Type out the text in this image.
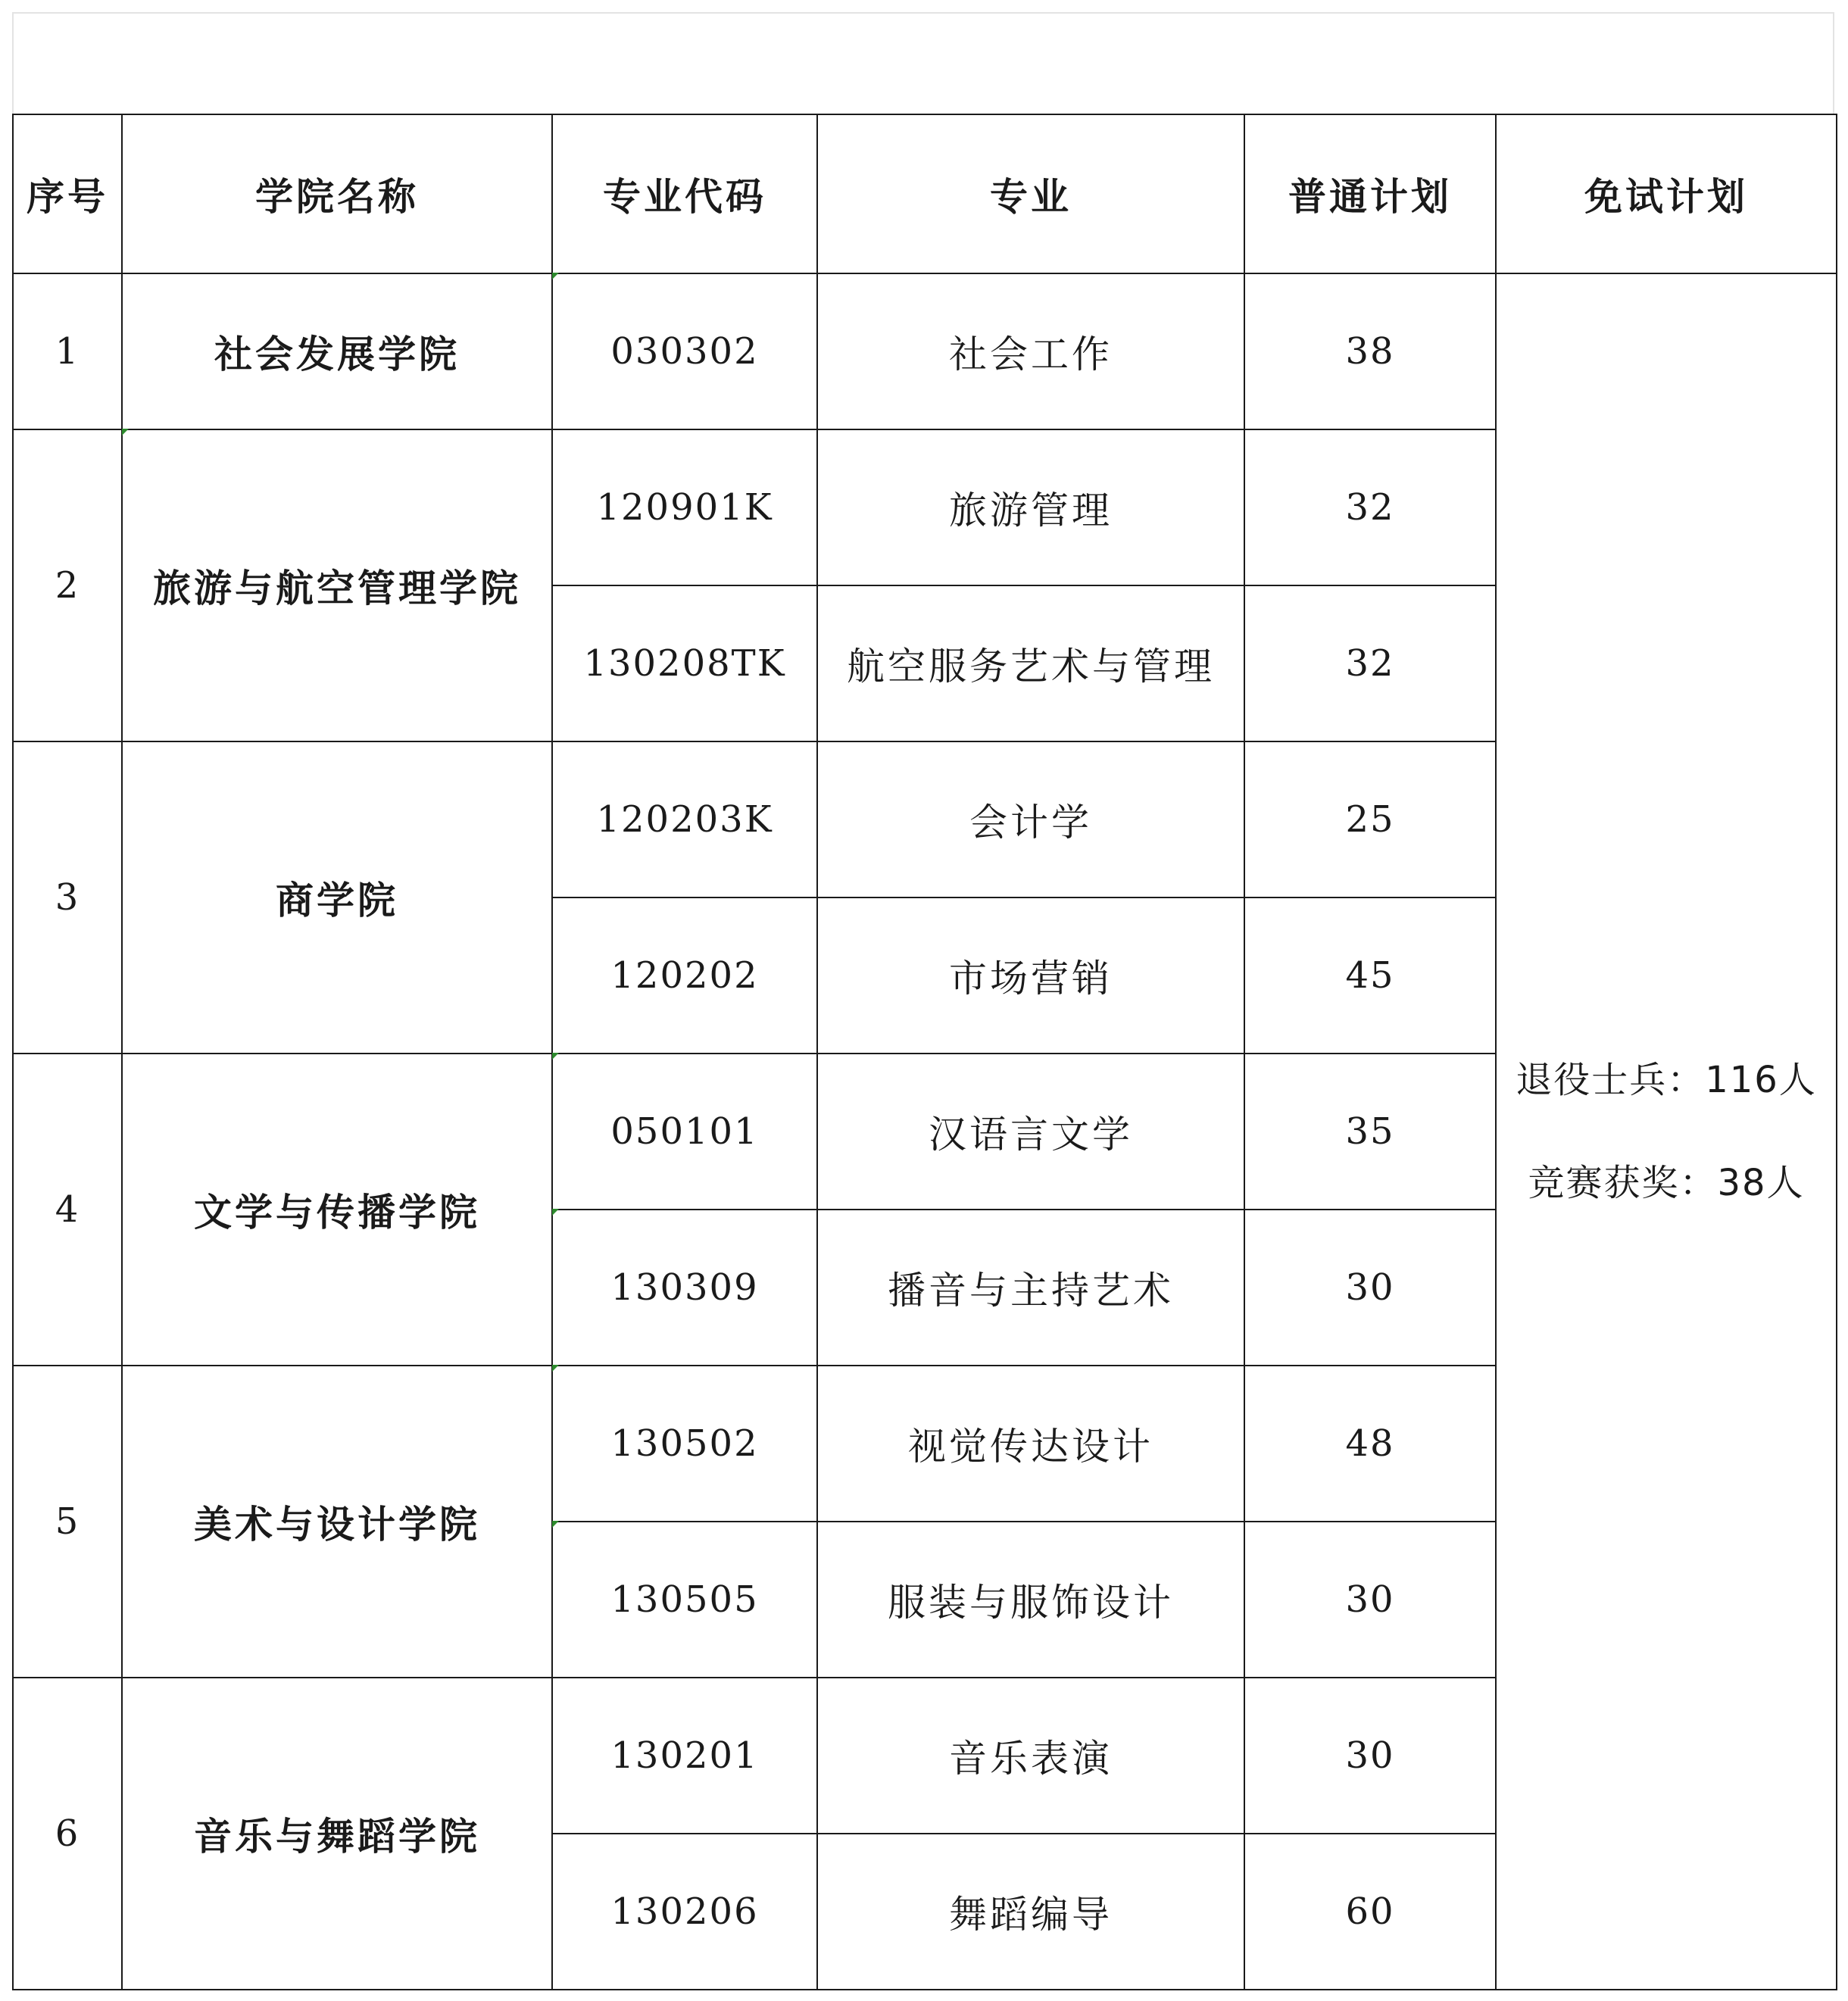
序号	学院名称	专业代码	专业	普通计划	免试计划
1	社会发展学院	030302	社会工作	38	退役士兵：116人
竞赛获奖：38人

2	旅游与航空管理学院	120901K	旅游管理	32	
		130208TK	航空服务艺术与管理	32	
3	商学院	120203K	会计学	25	
		120202	市场营销	45	
4	文学与传播学院	050101	汉语言文学	35	
		130309	播音与主持艺术	30	
5	美术与设计学院	130502	视觉传达设计	48	
		130505	服装与服饰设计	30	
6	音乐与舞蹈学院	130201	音乐表演	30	
		130206	舞蹈编导	60	
